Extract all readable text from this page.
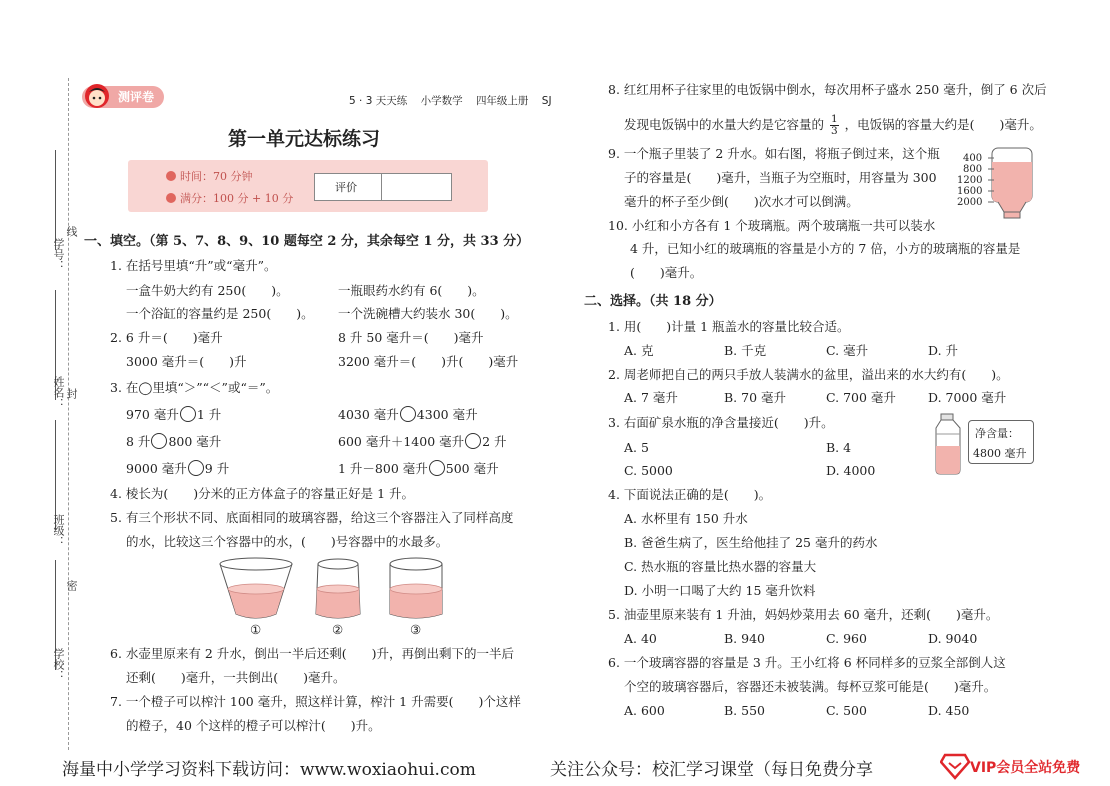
学号：
线
姓名： 封
班级：
密
学校：
测评卷	5 · 3 天天练 小学数学 四年级上册 SJ
第一单元达标练习
时间：70 分钟
满分：100 分 + 10 分
评价
一、填空。（第 5、7、8、9、10 题每空 2 分，其余每空 1 分，共 33 分）
1. 在括号里填“升”或“毫升”。
一盒牛奶大约有 250(　　)。	一瓶眼药水约有 6(　　)。
一个浴缸的容量约是 250(　　)。 一个洗碗槽大约装水 30(　　)。
2. 6 升＝(　　)毫升	8 升 50 毫升＝(　　)毫升
3000 毫升＝(　　)升	3200 毫升＝(　　)升(　　)毫升
3. 在◯里填“＞”“＜”或“＝”。
970 毫升 1 升	4030 毫升 4300 毫升
8 升 800 毫升	600 毫升＋1400 毫升 2 升
9000 毫升 9 升	1 升－800 毫升 500 毫升
4. 棱长为(　　)分米的正方体盒子的容量正好是 1 升。
5. 有三个形状不同、底面相同的玻璃容器，给这三个容器注入了同样高度
的水，比较这三个容器中的水，(　　)号容器中的水最多。
①	②	③
6. 水壶里原来有 2 升水，倒出一半后还剩(　　)升，再倒出剩下的一半后
还剩(　　)毫升，一共倒出(　　)毫升。
7. 一个橙子可以榨汁 100 毫升，照这样计算，榨汁 1 升需要(　　)个这样
的橙子，40 个这样的橙子可以榨汁(　　)升。
8. 红红用杯子往家里的电饭锅中倒水，每次用杯子盛水 250 毫升，倒了 6 次后
发现电饭锅中的水量大约是它容量的 $\frac{1}{3}$ ，电饭锅的容量大约是(　　)毫升。
9. 一个瓶子里装了 2 升水。如右图，将瓶子倒过来，这个瓶
子的容量是(　　)毫升，当瓶子为空瓶时，用容量为 300
毫升的杯子至少倒(　　)次水才可以倒满。
400
800
1200
1600
2000
10. 小红和小方各有 1 个玻璃瓶。两个玻璃瓶一共可以装水
4 升，已知小红的玻璃瓶的容量是小方的 7 倍，小方的玻璃瓶的容量是
(　　)毫升。
二、选择。（共 18 分）
1. 用(　　)计量 1 瓶盖水的容量比较合适。
A. 克	B. 千克	C. 毫升	D. 升
2. 周老师把自己的两只手放人装满水的盆里，溢出来的水大约有(　　)。
A. 7 毫升	B. 70 毫升	C. 700 毫升	D. 7000 毫升
3. 右面矿泉水瓶的净含量接近(　　)升。
A. 5	B. 4
C. 5000	D. 4000
净含量：
4800 毫升
4. 下面说法正确的是(　　)。
A. 水杯里有 150 升水
B. 爸爸生病了，医生给他挂了 25 毫升的药水
C. 热水瓶的容量比热水器的容量大
D. 小明一口喝了大约 15 毫升饮料
5. 油壶里原来装有 1 升油，妈妈炒菜用去 60 毫升，还剩(　　)毫升。
A. 40	B. 940	C. 960	D. 9040
6. 一个玻璃容器的容量是 3 升。王小红将 6 杯同样多的豆浆全部倒人这
个空的玻璃容器后，容器还未被装满。每杯豆浆可能是(　　)毫升。
A. 600	B. 550	C. 500	D. 450
海量中小学学习资料下载访问：www.woxiaohui.com	关注公众号：校汇学习课堂（每日免费分享	VIP会员全站免费
